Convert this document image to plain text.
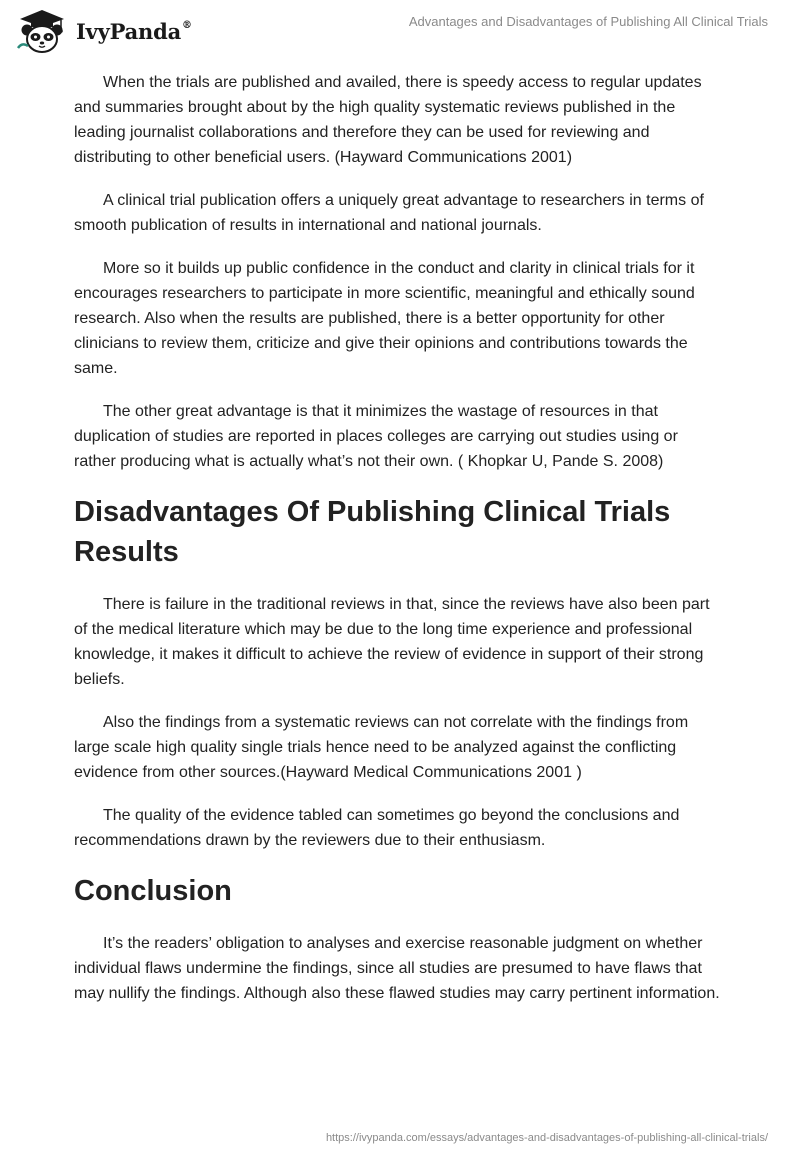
IvyPanda®	Advantages and Disadvantages of Publishing All Clinical Trials

When the trials are published and availed, there is speedy access to regular updates and summaries brought about by the high quality systematic reviews published in the leading journalist collaborations and therefore they can be used for reviewing and distributing to other beneficial users. (Hayward Communications 2001)

A clinical trial publication offers a uniquely great advantage to researchers in terms of smooth publication of results in international and national journals.

More so it builds up public confidence in the conduct and clarity in clinical trials for it encourages researchers to participate in more scientific, meaningful and ethically sound research. Also when the results are published, there is a better opportunity for other clinicians to review them, criticize and give their opinions and contributions towards the same.

The other great advantage is that it minimizes the wastage of resources in that duplication of studies are reported in places colleges are carrying out studies using or rather producing what is actually what’s not their own. ( Khopkar U, Pande S. 2008)

Disadvantages Of Publishing Clinical Trials Results

There is failure in the traditional reviews in that, since the reviews have also been part of the medical literature which may be due to the long time experience and professional knowledge, it makes it difficult to achieve the review of evidence in support of their strong beliefs.

Also the findings from a systematic reviews can not correlate with the findings from large scale high quality single trials hence need to be analyzed against the conflicting evidence from other sources.(Hayward Medical Communications 2001 )

The quality of the evidence tabled can sometimes go beyond the conclusions and recommendations drawn by the reviewers due to their enthusiasm.

Conclusion

It’s the readers’ obligation to analyses and exercise reasonable judgment on whether individual flaws undermine the findings, since all studies are presumed to have flaws that may nullify the findings. Although also these flawed studies may carry pertinent information.

https://ivypanda.com/essays/advantages-and-disadvantages-of-publishing-all-clinical-trials/
